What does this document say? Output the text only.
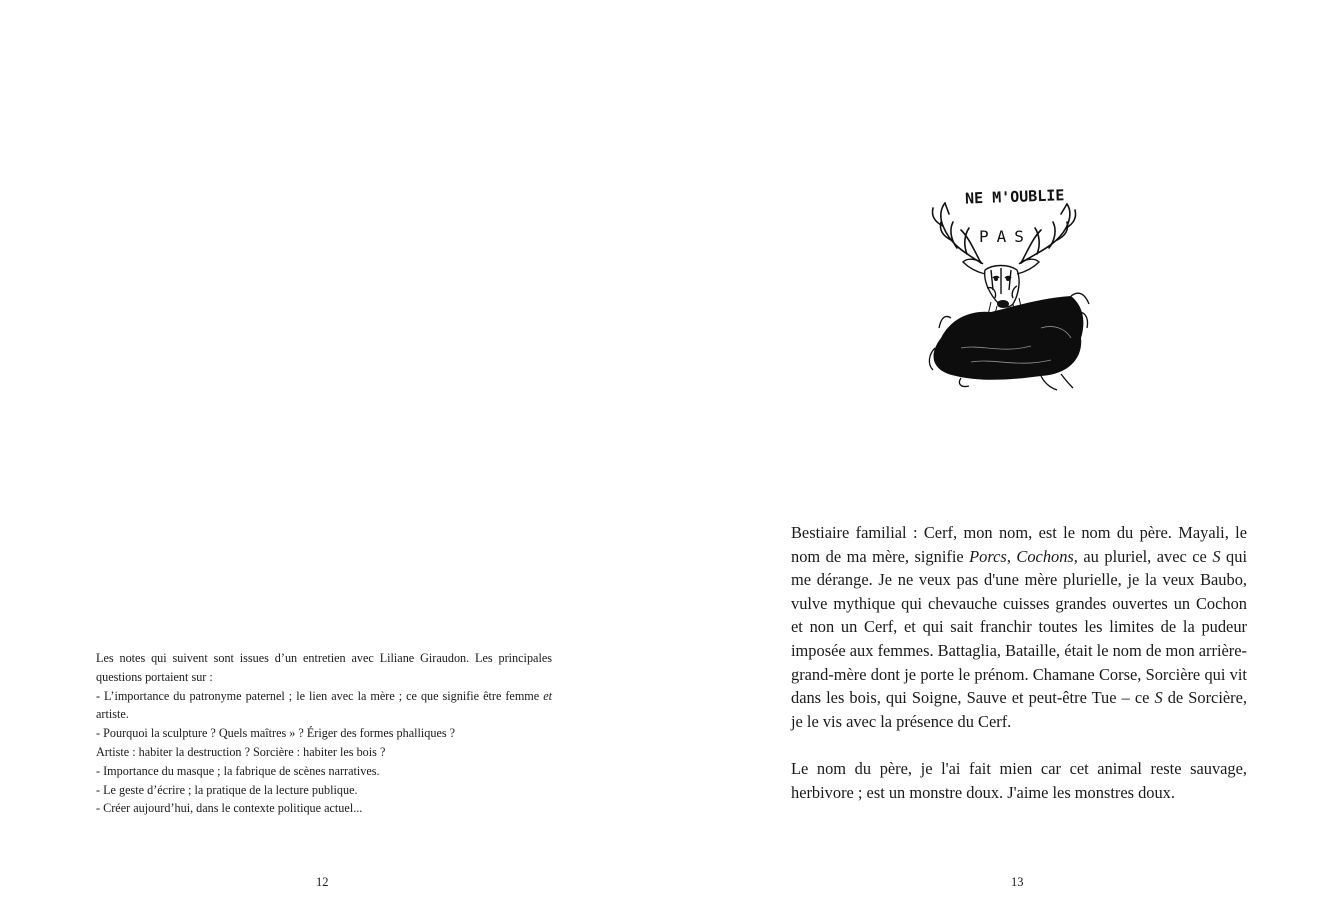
Les notes qui suivent sont issues d’un entretien avec Liliane Giraudon. Les principales questions portaient sur :

- L’importance du patronyme paternel ; le lien avec la mère ; ce que signifie être femme et artiste.

- Pourquoi la sculpture ? Quels maîtres » ? Ériger des formes phalliques ?

Artiste : habiter la destruction ? Sorcière : habiter les bois ?

- Importance du masque ; la fabrique de scènes narratives.

- Le geste d’écrire ; la pratique de la lecture publique.

- Créer aujourd’hui, dans le contexte politique actuel...

12
NE M'OUBLIE
PAS

Bestiaire familial : Cerf, mon nom, est le nom du père. Mayali, le nom de ma mère, signifie Porcs, Cochons, au pluriel, avec ce S qui me dérange. Je ne veux pas d'une mère plurielle, je la veux Baubo, vulve mythique qui chevauche cuisses grandes ouvertes un Cochon et non un Cerf, et qui sait franchir toutes les limites de la pudeur imposée aux femmes. Battaglia, Bataille, était le nom de mon arrière-grand-mère dont je porte le prénom. Chamane Corse, Sorcière qui vit dans les bois, qui Soigne, Sauve et peut-être Tue – ce S de Sorcière, je le vis avec la présence du Cerf.

Le nom du père, je l'ai fait mien car cet animal reste sauvage, herbivore ; est un monstre doux. J'aime les monstres doux.

13
